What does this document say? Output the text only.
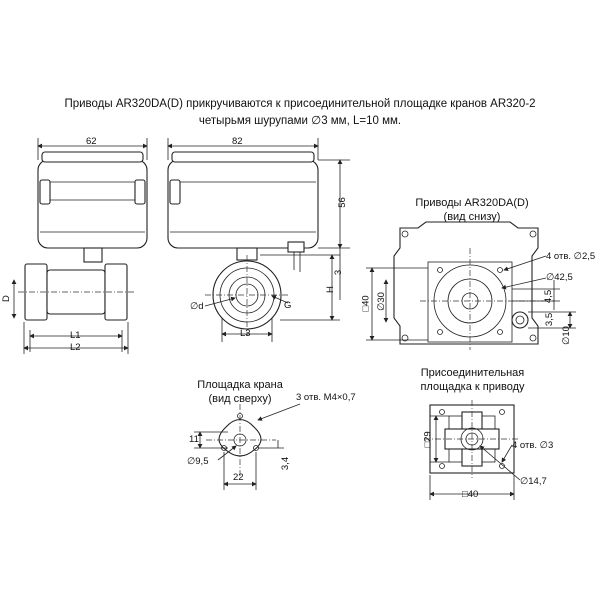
Приводы AR320DA(D) прикручиваются к присоединительной площадке кранов AR320-2
четырьмя шурупами ∅3 мм, L=10 мм.
62
D
L1
L2
82
56
3
H
∅d	G
L3
Приводы AR320DA(D)
(вид снизу)
4 отв. ∅2,5
∅42,5
□40 ∅30	4,5
3,5
∅10
Площадка крана
(вид сверху)	3 отв. М4×0,7
11
∅9,5
22
3,4
Присоединительная
площадка к приводу
□29	4 отв. ∅3
∅14,7
□40
